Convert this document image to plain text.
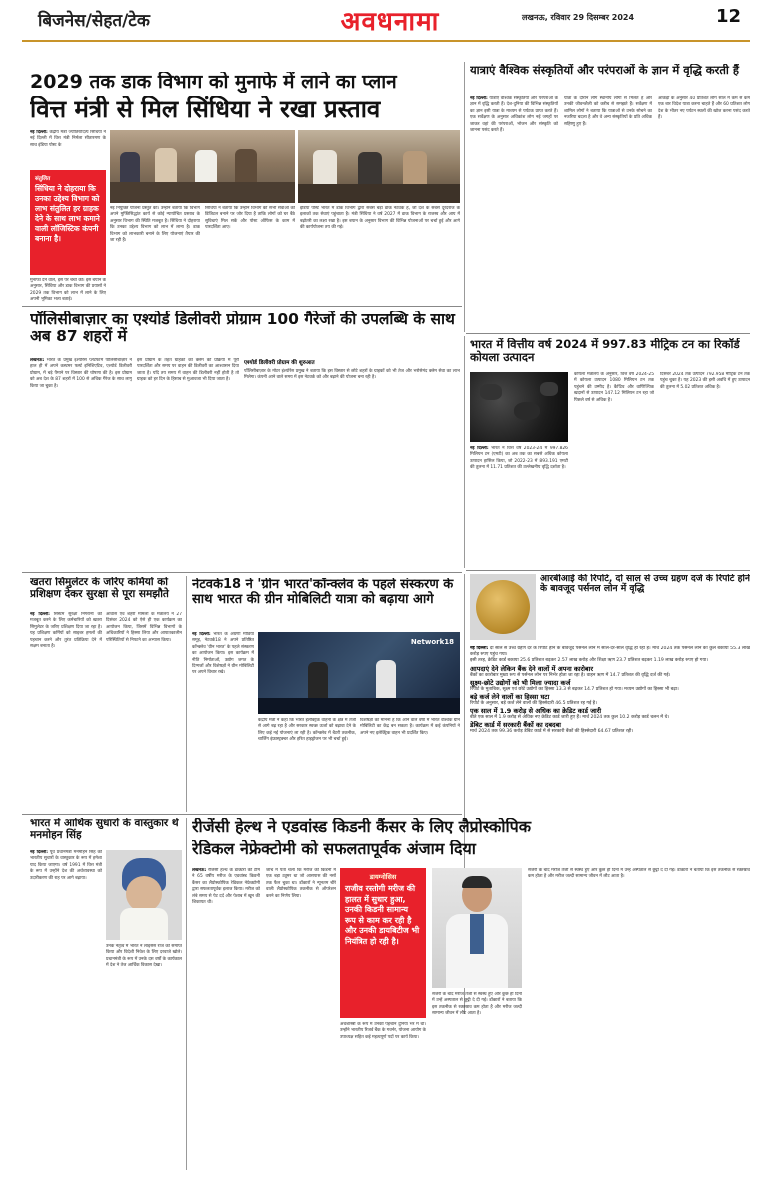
बिजनेस/सेहत/टेक	अवधनामा	लखनऊ, रविवार 29 दिसम्बर 2024	12
2029 तक डाक विभाग को मुनाफे में लाने का प्लान
वित्त मंत्री से मिल सिंधिया ने रखा प्रस्ताव
नई दिल्ली: केंद्रीय मंत्री ज्योतिरादित्य सिंधिया ने नई दिल्ली में वित्त मंत्री निर्मला सीतारमण के साथ इंडिया पोस्ट के
संतुलित
सिंधिया ने दोहराया कि उनका उद्देश्य विभाग को लाभ संतुलित हर ग्राहक देने के साथ लाभ कमाने वाली लॉजिस्टिक कंपनी बनाना है।
मुनाफा देने वाले, इस पर चर्चा की। इस बयान के अनुसार, सिंधिया और डाक विभाग की प्रयासों ने 2029 तक विभाग को लाभ में लाने के लिए अपनी भूमिका भला बताई।
नई नियुक्ति योजना प्रस्तुत की। उन्होंने बताया कि विभाग अपने मुफ्तिसिद्धांत कार्य से कोई न्यायोचित प्रस्ताव के अनुसार विभाग की स्थिति मजबूत है। सिंधिया ने दोहराया कि उनका उद्देश्य विभाग को लाभ में लाना है। डाक विभाग को लाभकारी बनाने के लिए योजनाएं तैयार की जा रही हैं।
सिंधिया ने बताया कि उन्होंने विभाग की सभी सेवाओं को डिजिटल बनाने पर जोर दिया है ताकि लोगों को घर बैठे सुविधाएं मिल सकें और पोस्ट ऑफिस के काम में पारदर्शिता आए।
इंडिया पोस्ट भारत में डाक विभाग द्वारा सबसे बड़ा डाक नेटवर्क है, जो देश के सबसे दूरदराज के इलाकों तक सेवाएं पहुंचाता है। मंत्री सिंधिया ने वर्ष 2027 में डाक विभाग के राजस्व और आय में बढ़ोतरी का लक्ष्य रखा है। इस बयान के अनुसार विभाग की विभिन्न योजनाओं पर चर्चा हुई और आगे की कार्ययोजना तय की गई।
यात्राएं वैश्विक संस्कृतियों और परंपराओं के ज्ञान में वृद्धि करती हैं
नई दिल्ली: यात्राएं वैश्विक संस्कृतियों और परंपराओं के ज्ञान में वृद्धि करती हैं। देश-दुनिया की विभिन्न संस्कृतियों का ज्ञान इसी यात्रा के माध्यम से पर्यटक प्राप्त करते हैं। एक सर्वेक्षण के अनुसार अधिकांश लोग नई जगहों पर जाकर वहां की परंपराओं, भोजन और संस्कृति को जानना पसंद करते हैं।
यात्रा के दौरान लोग स्थानीय लोगों से मिलते हैं और उनकी जीवनशैली को करीब से समझते हैं। सर्वेक्षण में शामिल लोगों ने बताया कि यात्राओं से उनके सोचने का नजरिया बदला है और वे अन्य संस्कृतियों के प्रति अधिक सहिष्णु हुए हैं।
आंकड़ों के अनुसार 40 प्रतिशत लोग साल में कम से कम एक बार विदेश यात्रा करना चाहते हैं और 60 प्रतिशत लोग देश के भीतर नए पर्यटन स्थलों की खोज करना पसंद करते हैं।
पॉलिसीबाज़ार का एश्योर्ड डिलीवरी प्रोग्राम 100 गैरेजों की उपलब्धि के साथ अब 87 शहरों में
लखनऊ: भारत के प्रमुख इंश्योरेंस प्लेटफॉर्म पॉलिसीबाज़ार ने हाल ही में अपने कस्टमर फर्स्ट इनिशिएटिव, एश्योर्ड डिलीवरी प्रोग्राम, में बड़े पैमाने पर विस्तार की घोषणा की है। इस प्रोग्राम को अब देश के 87 शहरों में 100 से अधिक गैरेज के साथ लागू किया जा चुका है।
इस प्रोग्राम के तहत ग्राहकों को क्लेम की प्रक्रिया में पूरी पारदर्शिता और समय पर वाहन की डिलीवरी का आश्वासन दिया जाता है। यदि तय समय में वाहन की डिलीवरी नहीं होती है तो ग्राहक को हर दिन के हिसाब से मुआवजा भी दिया जाता है।
एश्योर्ड डिलीवरी प्रोग्राम की शुरुआत
पॉलिसीबाज़ार के मोटर इंश्योरेंस प्रमुख ने बताया कि इस विस्तार से छोटे शहरों के ग्राहकों को भी तेज और भरोसेमंद क्लेम सेवा का लाभ मिलेगा। कंपनी आने वाले समय में इस नेटवर्क को और बढ़ाने की योजना बना रही है।
भारत में वित्तीय वर्ष 2024 में 997.83 मीट्रिक टन का रिकॉर्ड कोयला उत्पादन
नई दिल्ली: भारत ने वित्त वर्ष 2023-24 में 997.826 मिलियन टन (एमटी) का अब तक का सबसे अधिक कोयला उत्पादन हासिल किया, जो 2022-23 में 893.191 एमटी की तुलना में 11.71 प्रतिशत की उल्लेखनीय वृद्धि दर्शाता है।
कोयला मंत्रालय के अनुसार, वित्त वर्ष 2024-25 में कोयला उत्पादन 1080 मिलियन टन तक पहुंचने की उम्मीद है। कैप्टिव और वाणिज्यिक खदानों से उत्पादन 147.12 मिलियन टन रहा जो पिछले वर्ष से अधिक है।
दिसंबर 2024 तक उत्पादन 792.958 मीट्रिक टन तक पहुंच चुका है। यह 2023 की इसी अवधि में हुए उत्पादन की तुलना में 5.02 प्रतिशत अधिक है।
आरबीआई की रिपोर्ट, दो साल से उच्च ग्रहण दर्ज के रिपोर्ट होने के बावजूद पर्सनल लोन में वृद्धि

नई दिल्ली: दो साल से उच्च ग्रहण दर के रिपोर्ट होने के बावजूद पर्सनल लोन में साल-दर-साल वृद्धि हो रही है। मार्च 2024 तक पर्सनल लोन का कुल बकाया 55.3 लाख करोड़ रुपए पहुंच गया।

इसी तरह, क्रेडिट कार्ड बकाया 25.6 प्रतिशत बढ़कर 2.57 लाख करोड़ और शिक्षा ऋण 23.7 प्रतिशत बढ़कर 1.19 लाख करोड़ रुपए हो गया।

आपदाएं देने लेकिन बैंक देने वालों में अपना कारोबार

बैंकों का कारोबार मुख्य रूप से पर्सनल लोन पर निर्भर होता जा रहा है। वाहन ऋण में 14.7 प्रतिशत की वृद्धि दर्ज की गई।

सूक्ष्म-छोटे उद्योगों को भी मिला ज्यादा कर्ज

रिपोर्ट के मुताबिक, सूक्ष्म एवं छोटे उद्योगों का हिस्सा 13.3 से बढ़कर 14.7 प्रतिशत हो गया। मध्यम उद्योगों का हिस्सा भी बढ़ा।

बड़े कर्ज लेने वालों का हिस्सा घटा

रिपोर्ट के अनुसार, बड़े कर्ज लेने वालों की हिस्सेदारी 46.5 प्रतिशत रह गई है।

एक साल में 1.9 करोड़ से अधिक का क्रेडिट कार्ड जारी

बीते एक साल में 1.9 करोड़ से अधिक नए क्रेडिट कार्ड जारी हुए हैं। मार्च 2024 तक कुल 10.2 करोड़ कार्ड चलन में थे।

डेबिट कार्ड में सरकारी बैंकों का दबदबा

मार्च 2024 तक 99.36 करोड़ डेबिट कार्ड में से सरकारी बैंकों की हिस्सेदारी 64.67 प्रतिशत रही।

खतरा सिमुलेटर के जरिए कर्मियों को प्रशिक्षण देकर सुरक्षा से पूरा समझौते
नई दिल्ली: सिस्टम सुरक्षा निगरानी को मजबूत करने के लिए कर्मचारियों को खतरा सिमुलेटर के जरिए प्रशिक्षण दिया जा रहा है। यह प्रशिक्षण कर्मियों को साइबर हमलों की पहचान करने और तुरंत प्रतिक्रिया देने में सक्षम बनाता है।
आवास एवं शहरी मामलों के मंत्रालय ने 27 दिसंबर 2024 को ऐसे ही एक कार्यक्रम का आयोजन किया, जिसमें विभिन्न विभागों के अधिकारियों ने हिस्सा लिया और आपातकालीन परिस्थितियों से निपटने का अभ्यास किया।
नेटवर्क18 ने 'ग्रीन भारत'कॉन्क्लेव के पहले संस्करण के साथ भारत की ग्रीन मोबिलिटी यात्रा को बढ़ाया आगे
नई दिल्ली: भारत के अग्रणी मीडिया समूह, नेटवर्क18 ने अपने प्रतिष्ठित कॉन्क्लेव 'ग्रीन भारत' के पहले संस्करण का आयोजन किया। इस कार्यक्रम में नीति निर्माताओं, उद्योग जगत के दिग्गजों और विशेषज्ञों ने ग्रीन मोबिलिटी पर अपने विचार रखे।
Network18
केंद्रीय मंत्री ने कहा कि भारत इलेक्ट्रिक वाहनों के क्षेत्र में तेजी से आगे बढ़ रहा है और सरकार स्वच्छ ऊर्जा को बढ़ावा देने के लिए कई नई योजनाएं ला रही है। कॉन्क्लेव में बैटरी तकनीक, चार्जिंग इंफ्रास्ट्रक्चर और हरित हाइड्रोजन पर भी चर्चा हुई।
विशेषज्ञों का मानना है कि आने वाले वर्षों में भारत वैश्विक ग्रीन मोबिलिटी का केंद्र बन सकता है। कार्यक्रम में कई कंपनियों ने अपने नए इलेक्ट्रिक वाहन भी प्रदर्शित किए।
भारत में आर्थिक सुधारों के वास्तुकार थे मनमोहन सिंह
नई दिल्ली: पूर्व प्रधानमंत्री मनमोहन सिंह को भारतीय सुधारों के वास्तुकार के रूप में हमेशा याद किया जाएगा। वर्ष 1991 में वित्त मंत्री के रूप में उन्होंने देश की अर्थव्यवस्था को उदारीकरण की राह पर आगे बढ़ाया।
उनके नेतृत्व में भारत ने लाइसेंस राज को समाप्त किया और विदेशी निवेश के लिए दरवाजे खोले। प्रधानमंत्री के रूप में उनके दस वर्षों के कार्यकाल में देश ने तेज आर्थिक विकास देखा।
रीजेंसी हेल्थ ने एडवांस्ड किडनी कैंसर के लिए लैप्रोस्कोपिक
रेडिकल नेफ्रेक्टोमी को सफलतापूर्वक अंजाम दिया
लखनऊ: रीजेंसी हेल्थ के डॉक्टरों की टीम ने 65 वर्षीय मरीज के एडवांस्ड किडनी कैंसर का लैप्रोस्कोपिक रेडिकल नेफ्रेक्टोमी द्वारा सफलतापूर्वक इलाज किया। मरीज को लंबे समय से पेट दर्द और पेशाब में खून की शिकायत थी।
जांच में पता चला कि मरीज की किडनी में एक बड़ा ट्यूमर था जो आसपास की नसों तक फैल चुका था। डॉक्टरों ने न्यूनतम चीरे वाली लैप्रोस्कोपिक तकनीक से ऑपरेशन करने का निर्णय लिया।
डायग्नोसिस
राजीव रस्तोगी मरीज की हालत में सुधार हुआ, उनकी किडनी सामान्य रूप से काम कर रही है और उनकी डायबिटीज भी नियंत्रित हो रही है।
अर्थशास्त्री के रूप में उनकी पहचान दुनिया भर में थी। उन्होंने भारतीय रिजर्व बैंक के गवर्नर, योजना आयोग के उपाध्यक्ष सहित कई महत्वपूर्ण पदों पर कार्य किया।
सर्जरी के बाद मरीज तेजी से स्वस्थ हुए और कुछ ही दिनों में उन्हें अस्पताल से छुट्टी दे दी गई। डॉक्टरों ने बताया कि इस तकनीक से रक्तस्राव कम होता है और मरीज जल्दी सामान्य जीवन में लौट आता है।
सर्जरी के बाद मरीज तेजी से स्वस्थ हुए और कुछ ही दिनों में उन्हें अस्पताल से छुट्टी दे दी गई। डॉक्टरों ने बताया कि इस तकनीक से रक्तस्राव कम होता है और मरीज जल्दी सामान्य जीवन में लौट आता है।
